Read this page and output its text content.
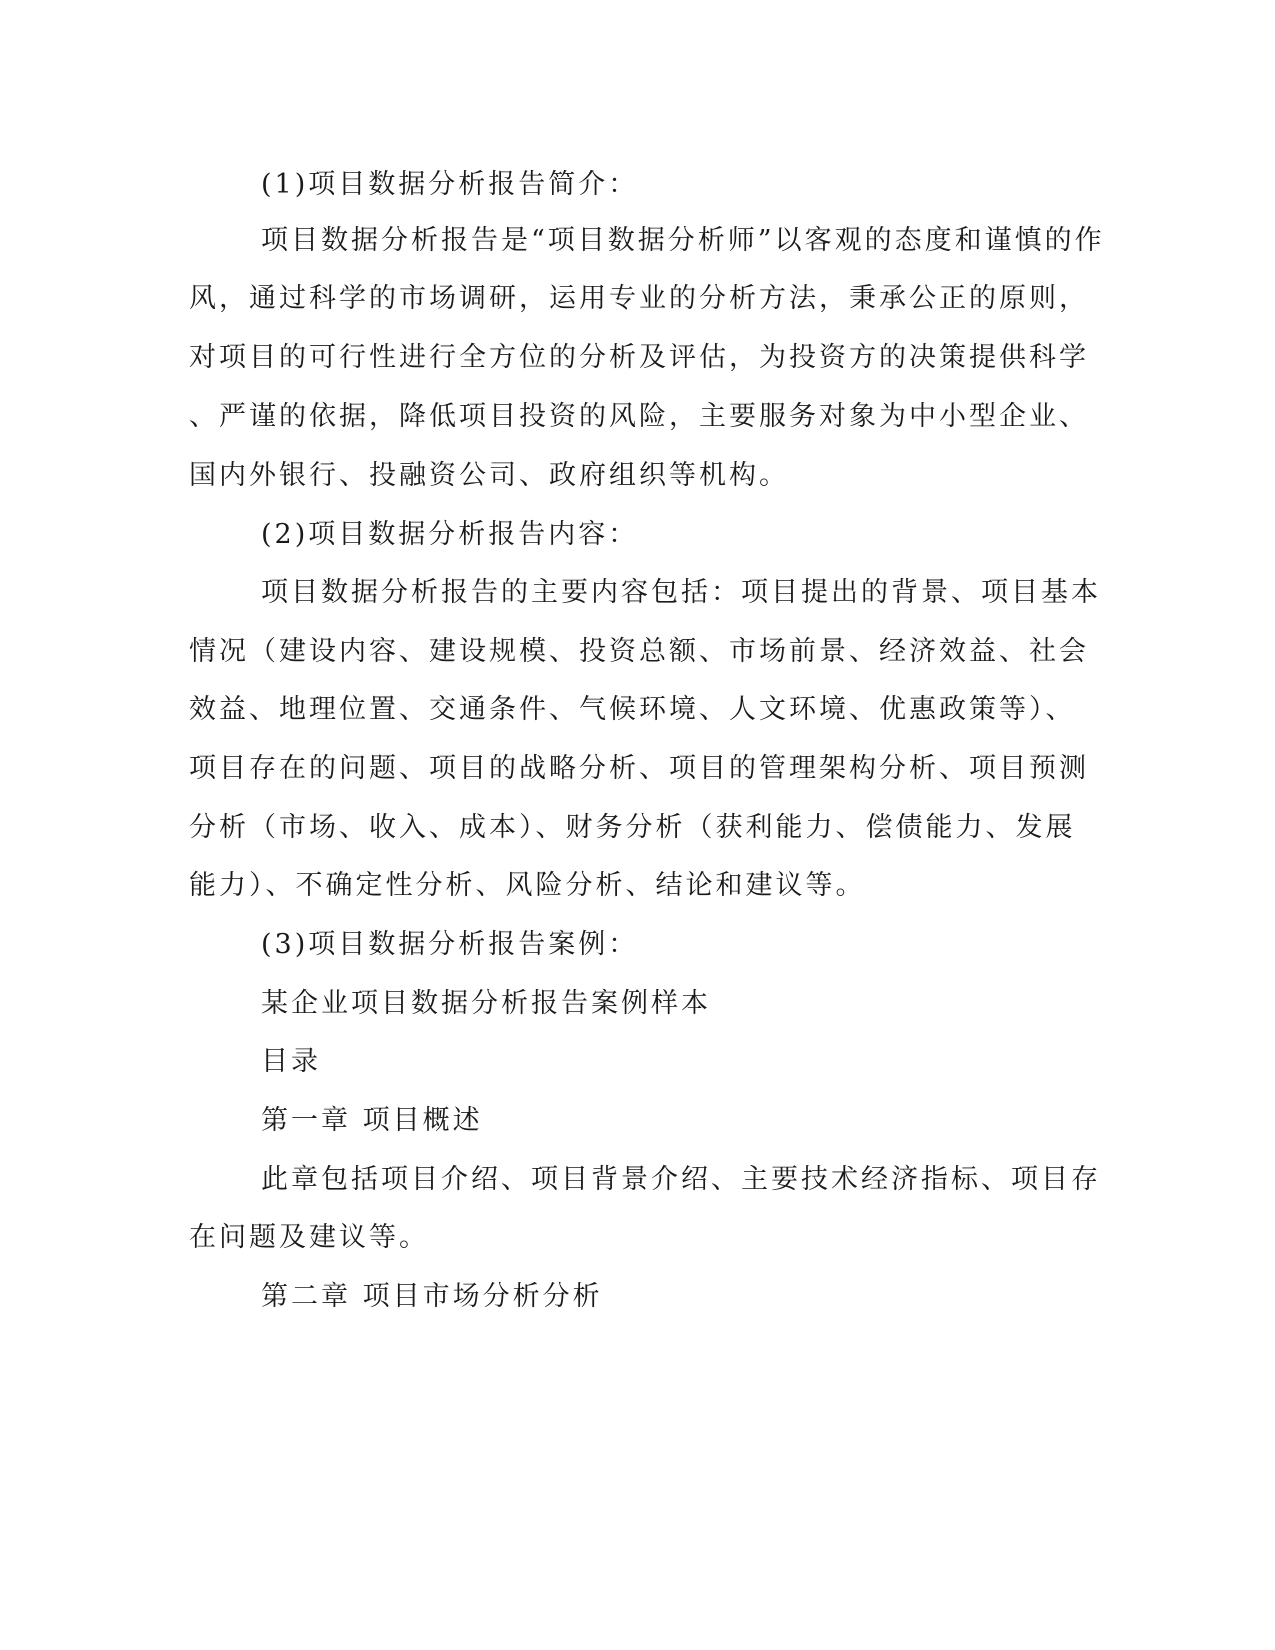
(1)项目数据分析报告简介：
项目数据分析报告是“项目数据分析师”以客观的态度和谨慎的作
风，通过科学的市场调研，运用专业的分析方法，秉承公正的原则，
对项目的可行性进行全方位的分析及评估，为投资方的决策提供科学
、严谨的依据，降低项目投资的风险，主要服务对象为中小型企业、
国内外银行、投融资公司、政府组织等机构。
(2)项目数据分析报告内容：
项目数据分析报告的主要内容包括：项目提出的背景、项目基本
情况（建设内容、建设规模、投资总额、市场前景、经济效益、社会
效益、地理位置、交通条件、气候环境、人文环境、优惠政策等）、
项目存在的问题、项目的战略分析、项目的管理架构分析、项目预测
分析（市场、收入、成本）、财务分析（获利能力、偿债能力、发展
能力）、不确定性分析、风险分析、结论和建议等。
(3)项目数据分析报告案例：
某企业项目数据分析报告案例样本
目录
第一章 项目概述
此章包括项目介绍、项目背景介绍、主要技术经济指标、项目存
在问题及建议等。
第二章 项目市场分析分析
